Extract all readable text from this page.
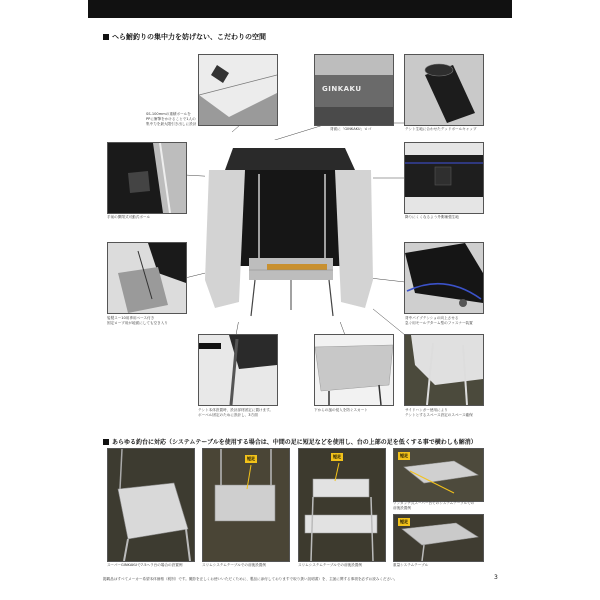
へら鮒釣りの集中力を妨げない、こだわりの空間
SS-100mmの重積ポールを
PPに衝撃をかけることで1人の
集中力を最大限引き出しに設計
GINKAKU
背面に「GINKAKU」ロゴ	テント生地に合わせたデッドポールキャップ
手前の開閉式可動式ポール	降りにくくなるよう外側補強生地
髪製スー10用専用ベース付き
固定ロープ用が地面にしても空き入り
背中パイブテンショの向上させる
急ぐ用モールデターム型のファスナー装置
テント本体設置時、設計部材固定に置けます。
ボーベル固定のために設計し、3方面
下からの風の侵入を防ぐスカート	サイドハンガー使用により
テントとするスペース設定のスペース確保
あらゆる釣台に対応（システムテーブルを使用する場合は、中間の足に短足などを使用し、台の上部の足を低くする事で横わしも解消）
スーパーGINKAKUで7.5ヘラ台の場合の設置例
短足
スリムシステムテーブルでの前後設置例
短足
スリムシステムテーブルでの前後設置例
短足
ワンタッチ式スーパー台でのシステムテーブルでの
前後設置例
短足
重量システムテーブル
掲載品はすべてメーカー希望本体価格（税別）です。撮影を正しくお使いいただくために、製品に添付しておりますで取り扱い説明書）を、主誕に関する事項を必ずお読みください。	3
